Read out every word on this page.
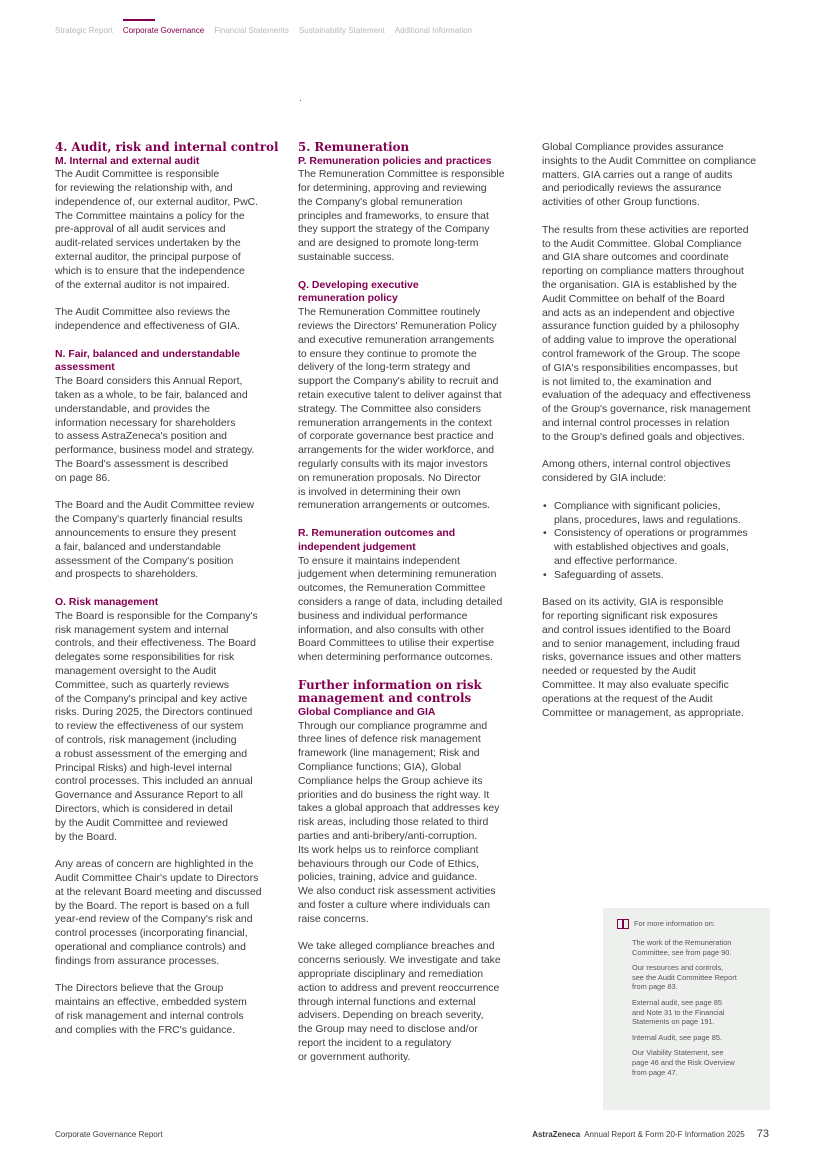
Strategic Report Corporate Governance Financial Statements Sustainability Statement Additional Information
4. Audit, risk and internal control
M. Internal and external audit

The Audit Committee is responsible
for reviewing the relationship with, and
independence of, our external auditor, PwC.
The Committee maintains a policy for the
pre-approval of all audit services and
audit-related services undertaken by the
external auditor, the principal purpose of
which is to ensure that the independence
of the external auditor is not impaired.

The Audit Committee also reviews the
independence and effectiveness of GIA.

N. Fair, balanced and understandable
assessment

The Board considers this Annual Report,
taken as a whole, to be fair, balanced and
understandable, and provides the
information necessary for shareholders
to assess AstraZeneca's position and
performance, business model and strategy.
The Board's assessment is described
on page 86.

The Board and the Audit Committee review
the Company's quarterly financial results
announcements to ensure they present
a fair, balanced and understandable
assessment of the Company's position
and prospects to shareholders.

O. Risk management

The Board is responsible for the Company's
risk management system and internal
controls, and their effectiveness. The Board
delegates some responsibilities for risk
management oversight to the Audit
Committee, such as quarterly reviews
of the Company's principal and key active
risks. During 2025, the Directors continued
to review the effectiveness of our system
of controls, risk management (including
a robust assessment of the emerging and
Principal Risks) and high-level internal
control processes. This included an annual
Governance and Assurance Report to all
Directors, which is considered in detail
by the Audit Committee and reviewed
by the Board.

Any areas of concern are highlighted in the
Audit Committee Chair's update to Directors
at the relevant Board meeting and discussed
by the Board. The report is based on a full
year-end review of the Company's risk and
control processes (incorporating financial,
operational and compliance controls) and
findings from assurance processes.

The Directors believe that the Group
maintains an effective, embedded system
of risk management and internal controls
and complies with the FRC's guidance.

5. Remuneration
P. Remuneration policies and practices

The Remuneration Committee is responsible
for determining, approving and reviewing
the Company's global remuneration
principles and frameworks, to ensure that
they support the strategy of the Company
and are designed to promote long-term
sustainable success.

Q. Developing executive
remuneration policy

The Remuneration Committee routinely
reviews the Directors' Remuneration Policy
and executive remuneration arrangements
to ensure they continue to promote the
delivery of the long-term strategy and
support the Company's ability to recruit and
retain executive talent to deliver against that
strategy. The Committee also considers
remuneration arrangements in the context
of corporate governance best practice and
arrangements for the wider workforce, and
regularly consults with its major investors
on remuneration proposals. No Director
is involved in determining their own
remuneration arrangements or outcomes.

R. Remuneration outcomes and
independent judgement

To ensure it maintains independent
judgement when determining remuneration
outcomes, the Remuneration Committee
considers a range of data, including detailed
business and individual performance
information, and also consults with other
Board Committees to utilise their expertise
when determining performance outcomes.

Further information on risk
management and controls
Global Compliance and GIA

Through our compliance programme and
three lines of defence risk management
framework (line management; Risk and
Compliance functions; GIA), Global
Compliance helps the Group achieve its
priorities and do business the right way. It
takes a global approach that addresses key
risk areas, including those related to third
parties and anti-bribery/anti-corruption.
Its work helps us to reinforce compliant
behaviours through our Code of Ethics,
policies, training, advice and guidance.
We also conduct risk assessment activities
and foster a culture where individuals can
raise concerns.

We take alleged compliance breaches and
concerns seriously. We investigate and take
appropriate disciplinary and remediation
action to address and prevent reoccurrence
through internal functions and external
advisers. Depending on breach severity,
the Group may need to disclose and/or
report the incident to a regulatory
or government authority.

Global Compliance provides assurance
insights to the Audit Committee on compliance
matters. GIA carries out a range of audits
and periodically reviews the assurance
activities of other Group functions.

The results from these activities are reported
to the Audit Committee. Global Compliance
and GIA share outcomes and coordinate
reporting on compliance matters throughout
the organisation. GIA is established by the
Audit Committee on behalf of the Board
and acts as an independent and objective
assurance function guided by a philosophy
of adding value to improve the operational
control framework of the Group. The scope
of GIA's responsibilities encompasses, but
is not limited to, the examination and
evaluation of the adequacy and effectiveness
of the Group's governance, risk management
and internal control processes in relation
to the Group's defined goals and objectives.

Among others, internal control objectives
considered by GIA include:

• Compliance with significant policies,
plans, procedures, laws and regulations.
• Consistency of operations or programmes
with established objectives and goals,
and effective performance.
• Safeguarding of assets.

Based on its activity, GIA is responsible
for reporting significant risk exposures
and control issues identified to the Board
and to senior management, including fraud
risks, governance issues and other matters
needed or requested by the Audit
Committee. It may also evaluate specific
operations at the request of the Audit
Committee or management, as appropriate.

For more information on:

The work of the Remuneration
Committee, see from page 90.

Our resources and controls,
see the Audit Committee Report
from page 83.

External audit, see page 85
and Note 31 to the Financial
Statements on page 191.

Internal Audit, see page 85.

Our Viability Statement, see
page 46 and the Risk Overview
from page 47.

Corporate Governance Report	AstraZeneca Annual Report & Form 20-F Information 2025 73
